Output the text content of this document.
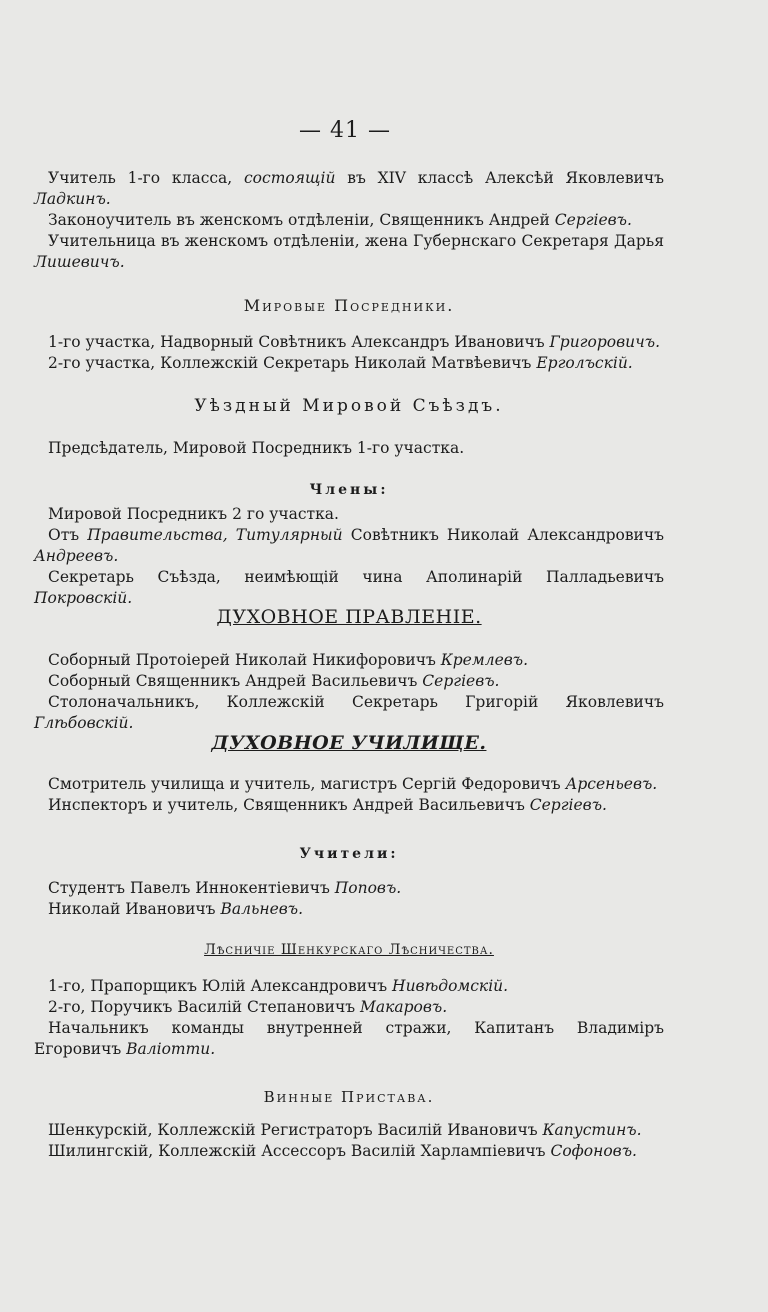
— 41 —

Учитель 1-го класса, состоящій въ XIV классѣ Алексѣй Яковлевичъ Ладкинъ.

Законоучитель въ женскомъ отдѣленіи, Священникъ Андрей Сергіевъ.

Учительница въ женскомъ отдѣленіи, жена Губернскаго Секретаря Дарья Лишевичъ.

Мировые Посредники.

1-го участка, Надворный Совѣтникъ Александръ Ивановичъ Григоровичъ.

2-го участка, Коллежскій Секретарь Николай Матвѣевичъ Ерголъскій.

Уѣздный Мировой Съѣздъ.

Предсѣдатель, Мировой Посредникъ 1-го участка.

Члены:

Мировой Посредникъ 2 го участка.

Отъ Правительства, Титулярный Совѣтникъ Николай Александровичъ Андреевъ.

Секретарь Съѣзда, неимѣющій чина Аполинарій Палладьевичъ Покровскій.

ДУХОВНОЕ ПРАВЛЕНІЕ.

Соборный Протоіерей Николай Никифоровичъ Кремлевъ.

Соборный Священникъ Андрей Васильевичъ Сергіевъ.

Столоначальникъ, Коллежскій Секретарь Григорій Яковлевичъ Глѣбовскій.

ДУХОВНОЕ УЧИЛИЩЕ.

Смотритель училища и учитель, магистръ Сергій Федоровичъ Арсеньевъ.

Инспекторъ и учитель, Священникъ Андрей Васильевичъ Сергіевъ.

Учители:

Студентъ Павелъ Иннокентіевичъ Поповъ.

Николай Ивановичъ Вальневъ.

Лѣсничіе Шенкурскаго Лѣсничества.

1-го, Прапорщикъ Юлій Александровичъ Нивѣдомскій.

2-го, Поручикъ Василій Степановичъ Макаровъ.

Начальникъ команды внутренней стражи, Капитанъ Владиміръ Егоровичъ Валіотти.

Винные Пристава.

Шенкурскій, Коллежскій Регистраторъ Василій Ивановичъ Капустинъ.

Шилингскій, Коллежскій Ассессоръ Василій Харлампіевичъ Софоновъ.
